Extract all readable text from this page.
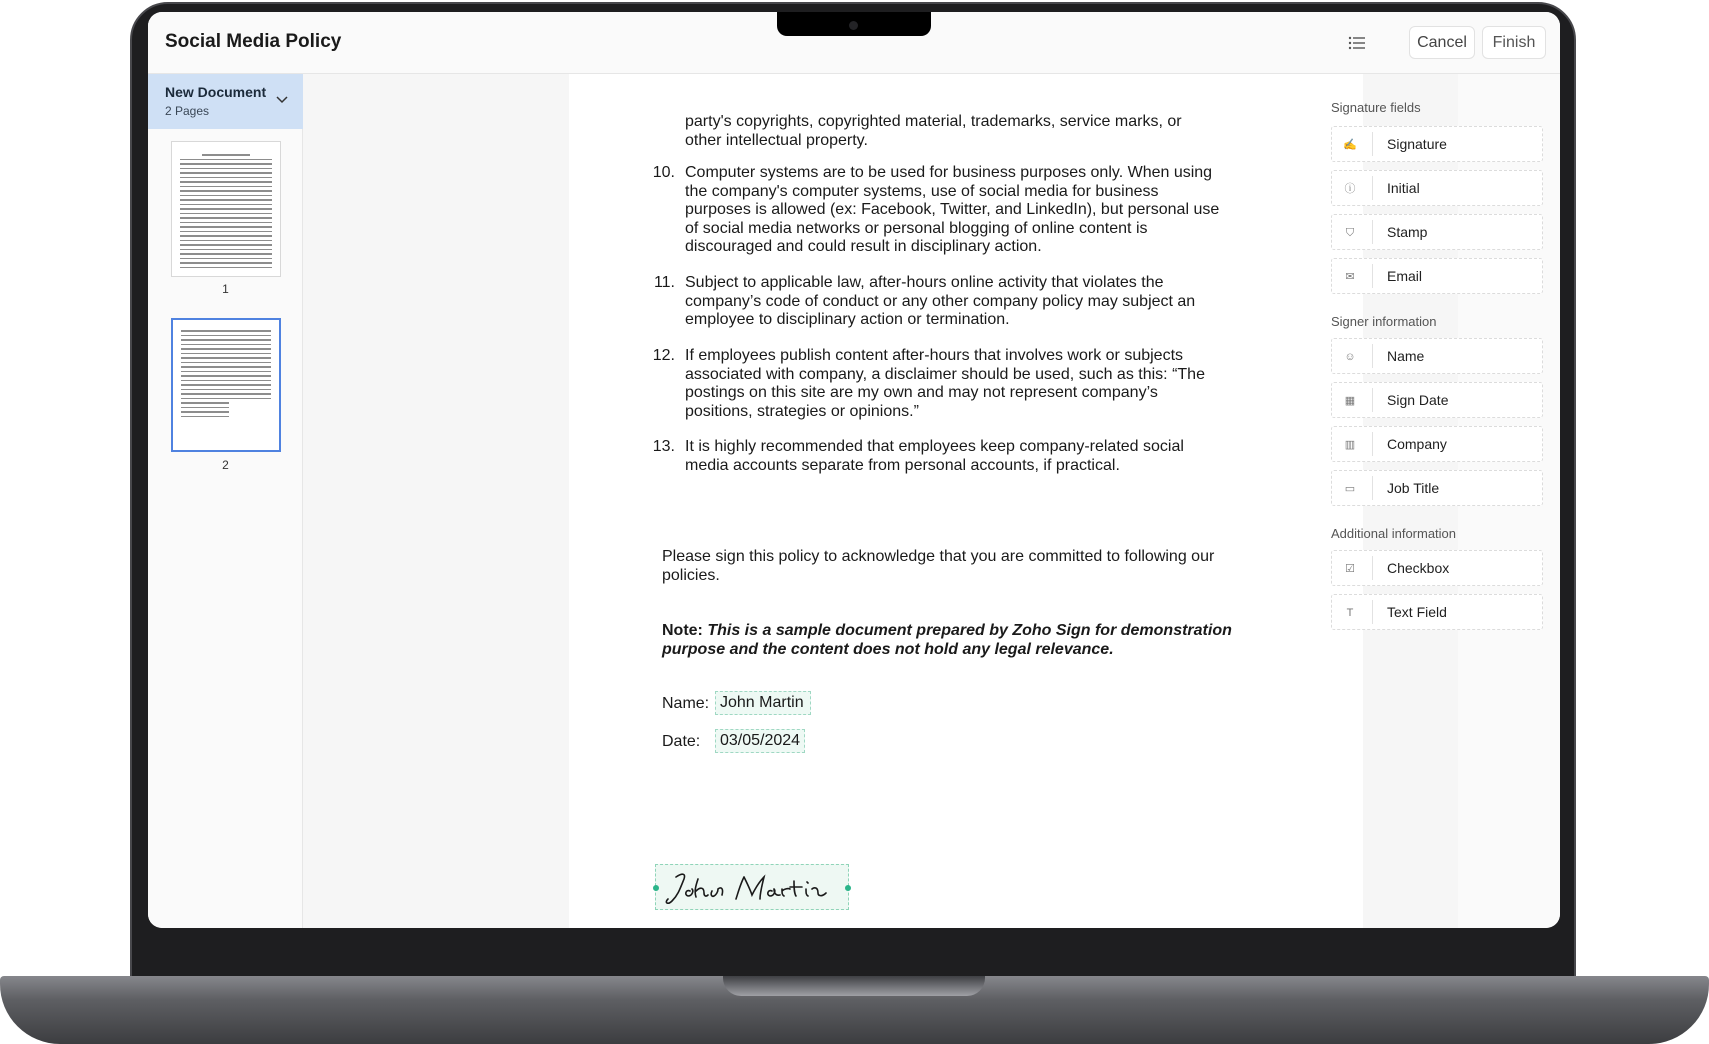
Social Media Policy	Cancel	Finish
New Document
2 Pages
1
2
party's copyrights, copyrighted material, trademarks, service marks, or
other intellectual property.
10. Computer systems are to be used for business purposes only. When using
the company's computer systems, use of social media for business
purposes is allowed (ex: Facebook, Twitter, and LinkedIn), but personal use
of social media networks or personal blogging of online content is
discouraged and could result in disciplinary action.
11. Subject to applicable law, after-hours online activity that violates the
company’s code of conduct or any other company policy may subject an
employee to disciplinary action or termination.
12. If employees publish content after-hours that involves work or subjects
associated with company, a disclaimer should be used, such as this: “The
postings on this site are my own and may not represent company’s
positions, strategies or opinions.”
13. It is highly recommended that employees keep company-related social
media accounts separate from personal accounts, if practical.
Please sign this policy to acknowledge that you are committed to following our
policies.
Note: This is a sample document prepared by Zoho Sign for demonstration
purpose and the content does not hold any legal relevance.
Name: John Martin
Date:	03/05/2024
Signature fields
✍ Signature
ⓘ Initial
⛉ Stamp
✉ Email
Signer information
☺ Name
▦ Sign Date
▥ Company
▭ Job Title
Additional information
☑ Checkbox
T	Text Field
